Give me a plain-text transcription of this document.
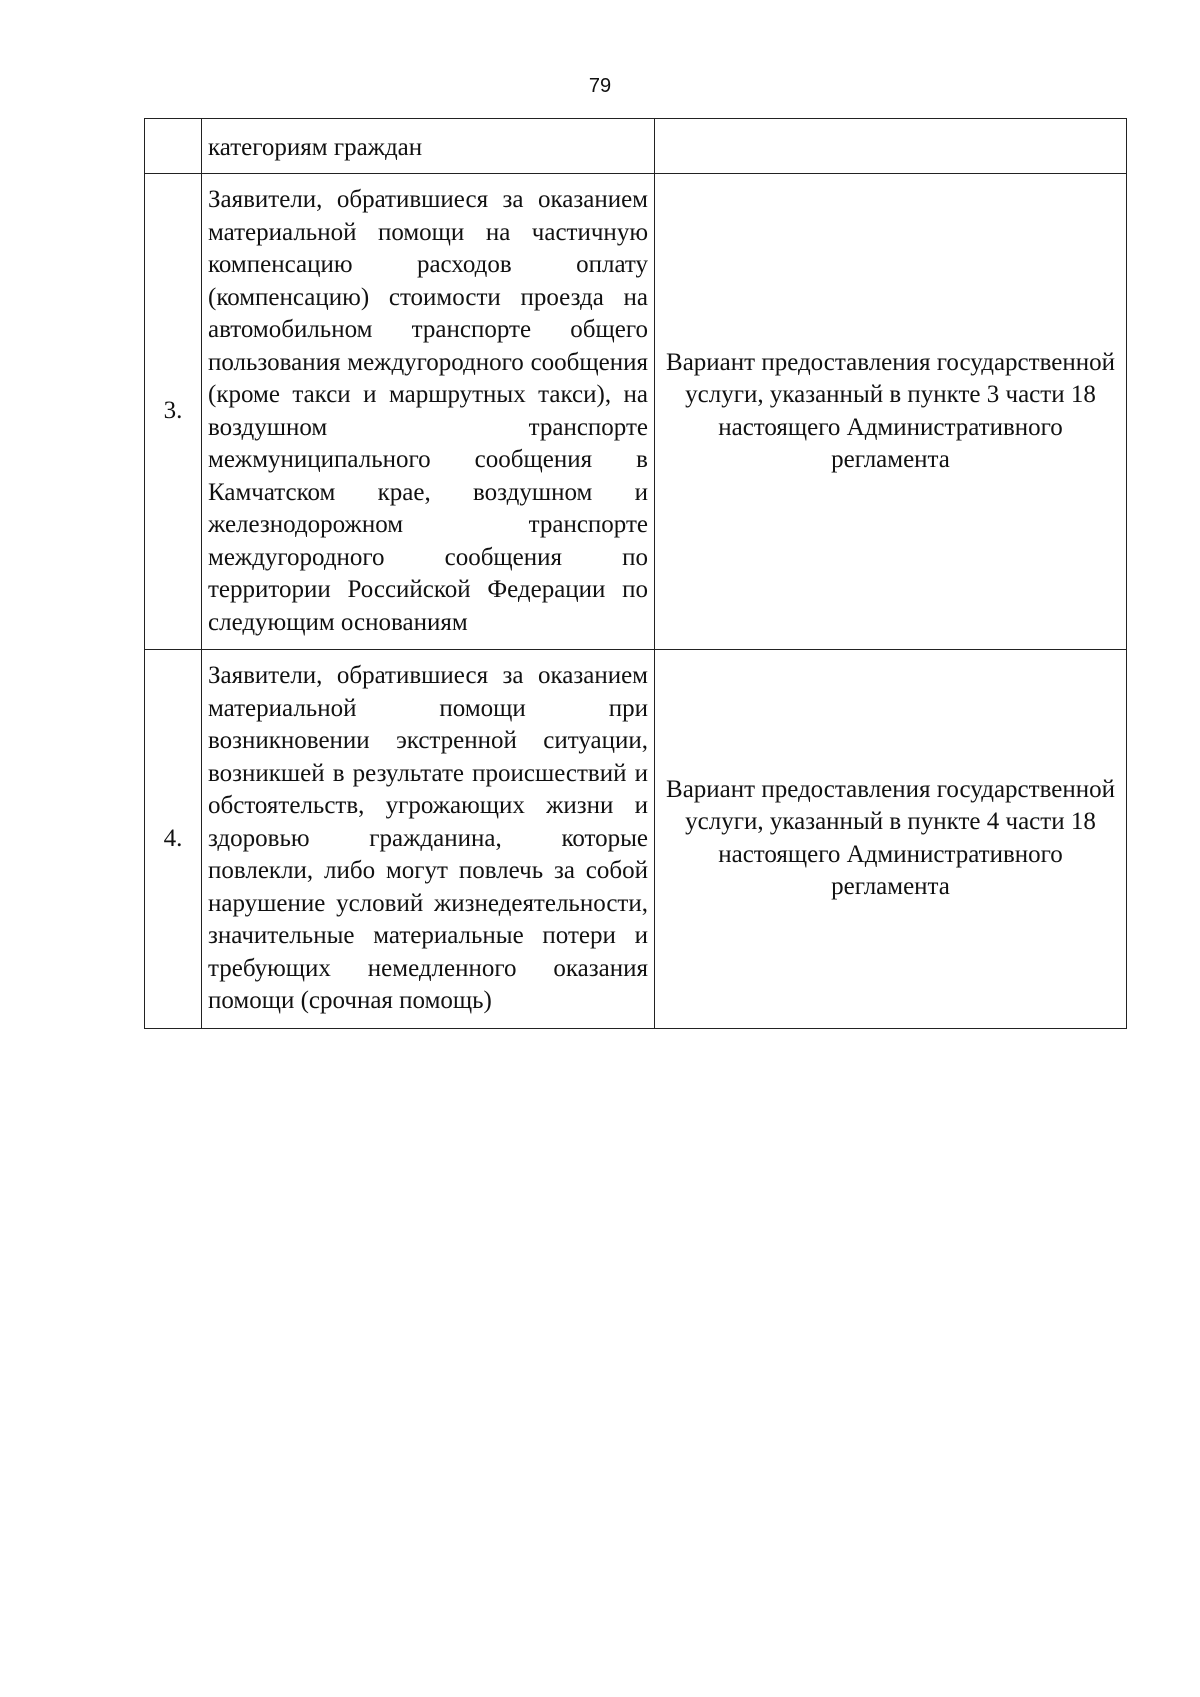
79
	категориям граждан	
3.	Заявители, обратившиеся за оказанием материальной помощи на частичную компенсацию расходов оплату (компенсацию) стоимости проезда на автомобильном транспорте общего пользования междугородного сообщения (кроме такси и маршрутных такси), на воздушном транспорте межмуниципального сообщения в Камчатском крае, воздушном и железнодорожном транспорте междугородного сообщения по территории Российской Федерации по следующим основаниям	Вариант предоставления государственной услуги, указанный в пункте 3 части 18 настоящего Административного регламента
4.	Заявители, обратившиеся за оказанием материальной помощи при возникновении экстренной ситуации, возникшей в результате происшествий и обстоятельств, угрожающих жизни и здоровью гражданина, которые повлекли, либо могут повлечь за собой нарушение условий жизнедеятельности, значительные материальные потери и требующих немедленного оказания помощи (срочная помощь)	Вариант предоставления государственной услуги, указанный в пункте 4 части 18 настоящего Административного регламента
